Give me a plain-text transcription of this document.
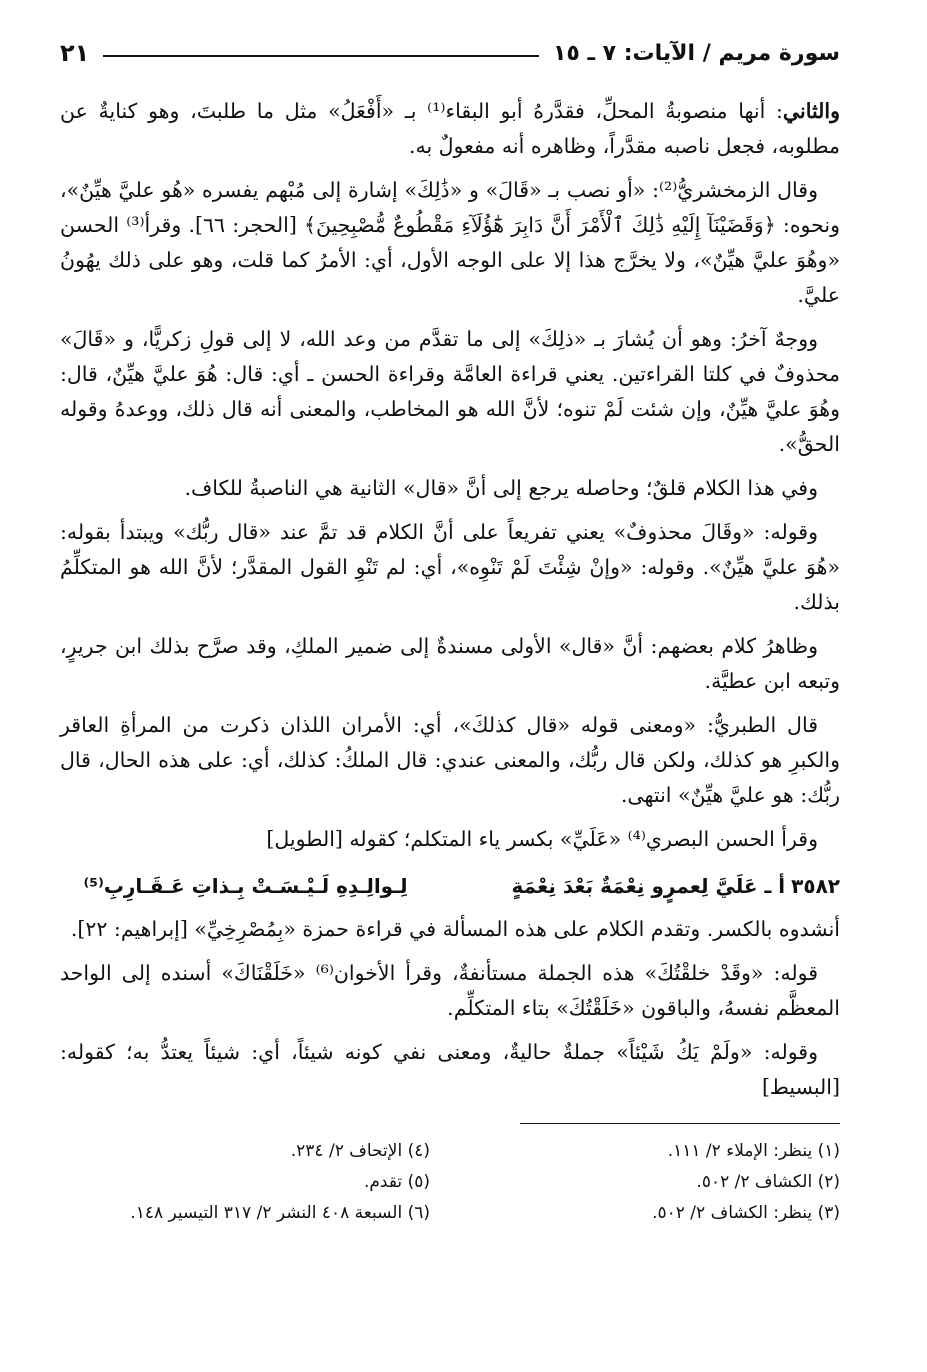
سورة مريم / الآيات: ٧ ـ ١٥
٢١

والثاني: أنها منصوبةُ المحلِّ، فقدَّرهُ أبو البقاء⁽¹⁾ بـ «أَفْعَلُ» مثل ما طلبتَ، وهو كنايةٌ عن مطلوبه، فجعل ناصبه مقدَّراً، وظاهره أنه مفعولٌ به.

وقال الزمخشريُّ⁽²⁾: «أو نصب بـ «قَالَ» و «ذَٰلِكَ» إشارة إلى مُبْهم يفسره «هُو عليَّ هيِّنٌ»، ونحوه: ﴿وَقَضَيْنَآ إِلَيْهِ ذَٰلِكَ ٱلْأَمْرَ أَنَّ دَابِرَ هَٰٓؤُلَآءِ مَقْطُوعٌ مُّصْبِحِينَ﴾ [الحجر: ٦٦]. وقرأ⁽³⁾ الحسن «وهُوَ عليَّ هيِّنٌ»، ولا يخرَّج هذا إلا على الوجه الأول، أي: الأمرُ كما قلت، وهو على ذلك يهُونُ عليَّ.

ووجهٌ آخرُ: وهو أن يُشارَ بـ «ذلِكَ» إلى ما تقدَّم من وعد الله، لا إلى قولِ زكريًّا، و «قَالَ» محذوفٌ في كلتا القراءتين. يعني قراءة العامَّة وقراءة الحسن ـ أي: قال: هُوَ عليَّ هيِّنٌ، قال: وهُوَ عليَّ هيِّنٌ، وإن شئت لَمْ تنوه؛ لأنَّ الله هو المخاطب، والمعنى أنه قال ذلك، ووعدهُ وقوله الحقُّ».

وفي هذا الكلام قلقٌ؛ وحاصله يرجع إلى أنَّ «قال» الثانية هي الناصبةُ للكاف.

وقوله: «وقَالَ محذوفٌ» يعني تفريعاً على أنَّ الكلام قد تمَّ عند «قال ربُّك» ويبتدأ بقوله: «هُوَ عليَّ هيِّنٌ». وقوله: «وإنْ شِئْتَ لَمْ تَنْوِه»، أي: لم تَنْوِ القول المقدَّر؛ لأنَّ الله هو المتكلِّمُ بذلك.

وظاهرُ كلام بعضهم: أنَّ «قال» الأولى مسندةٌ إلى ضمير الملكِ، وقد صرَّح بذلك ابن جريرٍ، وتبعه ابن عطيَّة.

قال الطبريُّ: «ومعنى قوله «قال كذلكَ»، أي: الأمران اللذان ذكرت من المرأةِ العاقر والكبرِ هو كذلك، ولكن قال ربُّك، والمعنى عندي: قال الملكُ: كذلك، أي: على هذه الحال، قال ربُّك: هو عليَّ هيِّنٌ» انتهى.

وقرأ الحسن البصري⁽⁴⁾ «عَلَيِّ» بكسر ياء المتكلم؛ كقوله [الطويل]

٣٥٨٢
أ ـ عَلَيَّ لِعمرٍو نِعْمَةٌ بَعْدَ نِعْمَةٍ
لِـوالِـدِهِ لَـيْـسَـتْ بِـذاتِ عَـقَـارِبِ⁽⁵⁾

أنشدوه بالكسر. وتقدم الكلام على هذه المسألة في قراءة حمزة «بِمُصْرِخِيِّ» [إبراهيم: ٢٢].

قوله: «وقَدْ خلقْتُكَ» هذه الجملة مستأنفةٌ، وقرأ الأخوان⁽⁶⁾ «خَلَقْنَاكَ» أسنده إلى الواحد المعظَّم نفسهُ، والباقون «خَلَقْتُكَ» بتاء المتكلِّم.

وقوله: «ولَمْ يَكُ شَيْئاً» جملةٌ حاليةٌ، ومعنى نفي كونه شيئاً، أي: شيئاً يعتدُّ به؛ كقوله: [البسيط]

(١) ينظر: الإملاء ٢/ ١١١.
(٤) الإتحاف ٢/ ٢٣٤.
(٢) الكشاف ٢/ ٥٠٢.
(٥) تقدم.
(٣) ينظر: الكشاف ٢/ ٥٠٢.
(٦) السبعة ٤٠٨ النشر ٢/ ٣١٧ التيسير ١٤٨.
